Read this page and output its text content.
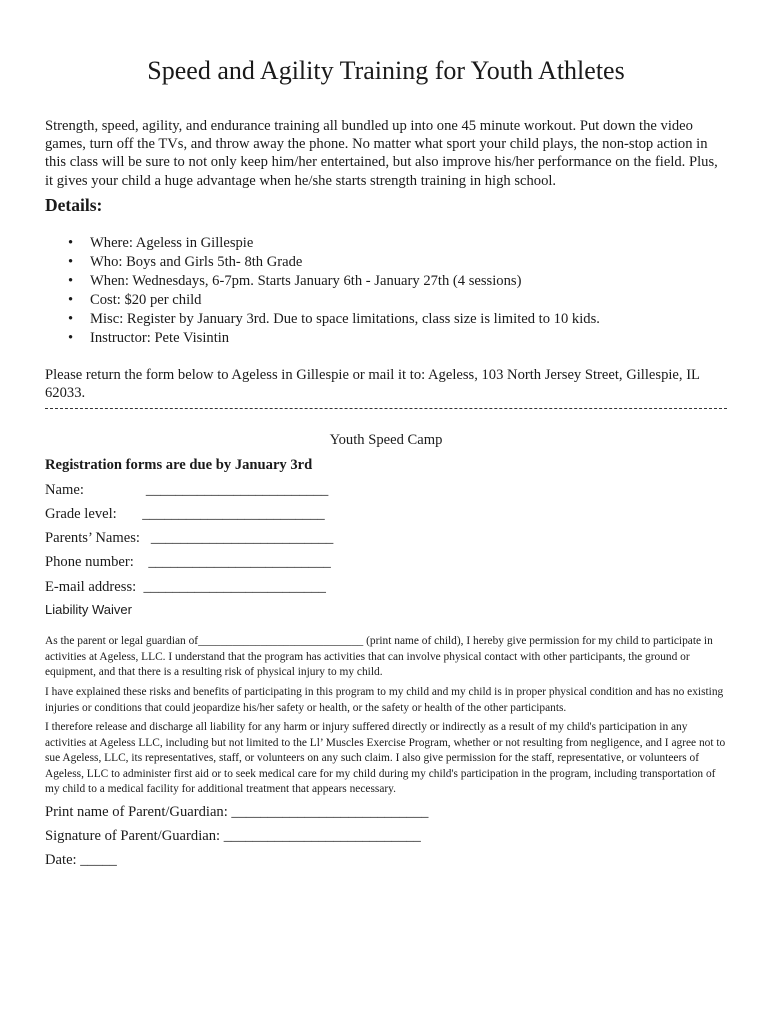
Speed and Agility Training for Youth Athletes
Strength, speed, agility, and endurance training all bundled up into one 45 minute workout. Put down the video games, turn off the TVs, and throw away the phone. No matter what sport your child plays, the non-stop action in this class will be sure to not only keep him/her entertained, but also improve his/her performance on the field. Plus, it gives your child a huge advantage when he/she starts strength training in high school.
Details:
• Where: Ageless in Gillespie
• Who: Boys and Girls 5th- 8th Grade
• When: Wednesdays, 6-7pm. Starts January 6th - January 27th (4 sessions)
• Cost: $20 per child
• Misc: Register by January 3rd. Due to space limitations, class size is limited to 10 kids.
• Instructor: Pete Visintin
Please return the form below to Ageless in Gillespie or mail it to: Ageless, 103 North Jersey Street, Gillespie, IL 62033.
Youth Speed Camp
Registration forms are due by January 3rd
Name:                 _________________________
Grade level:       _________________________
Parents’ Names:   _________________________
Phone number:    _________________________
E-mail address:  _________________________
Liability Waiver

As the parent or legal guardian of_____________________________ (print name of child), I hereby give permission for my child to participate in activities at Ageless, LLC. I understand that the program has activities that can involve physical contact with other participants, the ground or equipment, and that there is a resulting risk of physical injury to my child.

I have explained these risks and benefits of participating in this program to my child and my child is in proper physical condition and has no existing injuries or conditions that could jeopardize his/her safety or health, or the safety or health of the other participants.

I therefore release and discharge all liability for any harm or injury suffered directly or indirectly as a result of my child's participation in any activities at Ageless LLC, including but not limited to the Ll’ Muscles Exercise Program, whether or not resulting from negligence, and I agree not to sue Ageless, LLC, its representatives, staff, or volunteers on any such claim. I also give permission for the staff, representative, or volunteers of Ageless, LLC to administer first aid or to seek medical care for my child during my child's participation in the program, including transportation of my child to a medical facility for additional treatment that appears necessary.

Print name of Parent/Guardian: ___________________________
Signature of Parent/Guardian: ___________________________
Date: _____
